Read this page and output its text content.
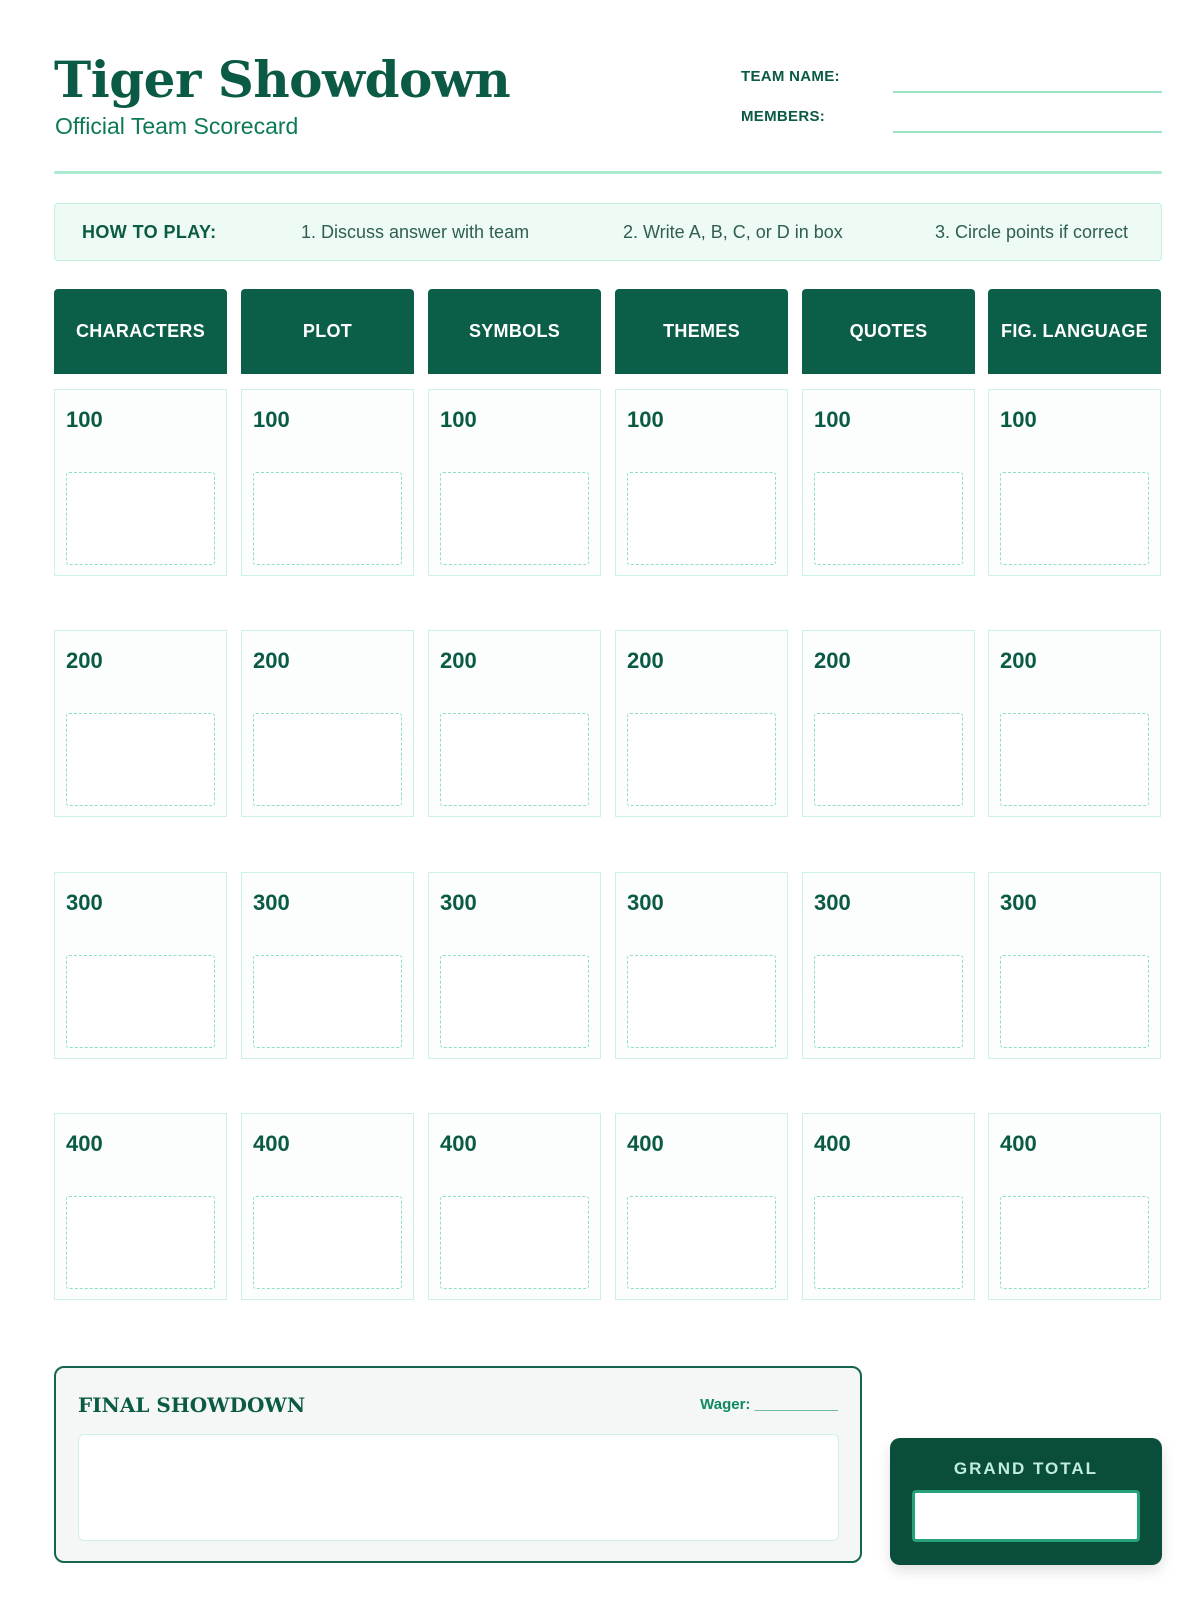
Tiger Showdown
Official Team Scorecard
TEAM NAME:
MEMBERS:
HOW TO PLAY:	1. Discuss answer with team	2. Write A, B, C, or D in box	3. Circle points if correct
CHARACTERS	PLOT	SYMBOLS	THEMES	QUOTES	FIG. LANGUAGE
100	100	100	100	100	100
200	200	200	200	200	200
300	300	300	300	300	300
400	400	400	400	400	400
FINAL SHOWDOWN	Wager: __________
GRAND TOTAL
